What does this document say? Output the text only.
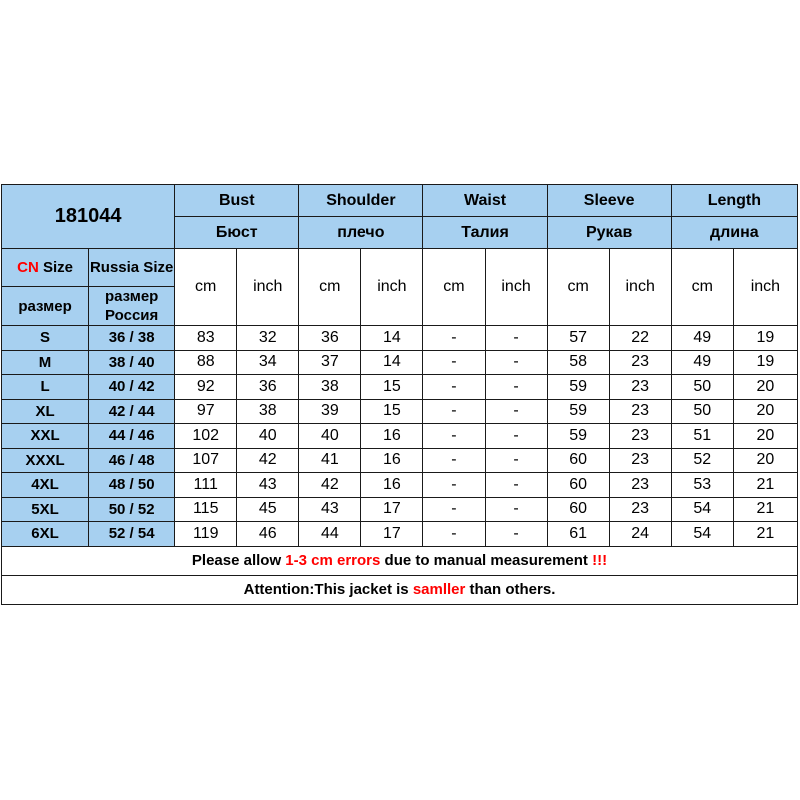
181044		Bust		Shoulder		Waist		Sleeve		Length	
		Бюст		плечо		Талия		Рукав		длина	
CN Size	Russia Size	cm	inch	cm	inch	cm	inch	cm	inch	cm	inch
размер	размер Россия										
S	36 / 38	83	32	36	14	-	-	57	22	49	19
M	38 / 40	88	34	37	14	-	-	58	23	49	19
L	40 / 42	92	36	38	15	-	-	59	23	50	20
XL	42 / 44	97	38	39	15	-	-	59	23	50	20
XXL	44 / 46	102	40	40	16	-	-	59	23	51	20
XXXL	46 / 48	107	42	41	16	-	-	60	23	52	20
4XL	48 / 50	111	43	42	16	-	-	60	23	53	21
5XL	50 / 52	115	45	43	17	-	-	60	23	54	21
6XL	52 / 54	119	46	44	17	-	-	61	24	54	21
Please allow 1-3 cm errors due to manual measurement !!!											
Attention:This jacket is samller than others.											
